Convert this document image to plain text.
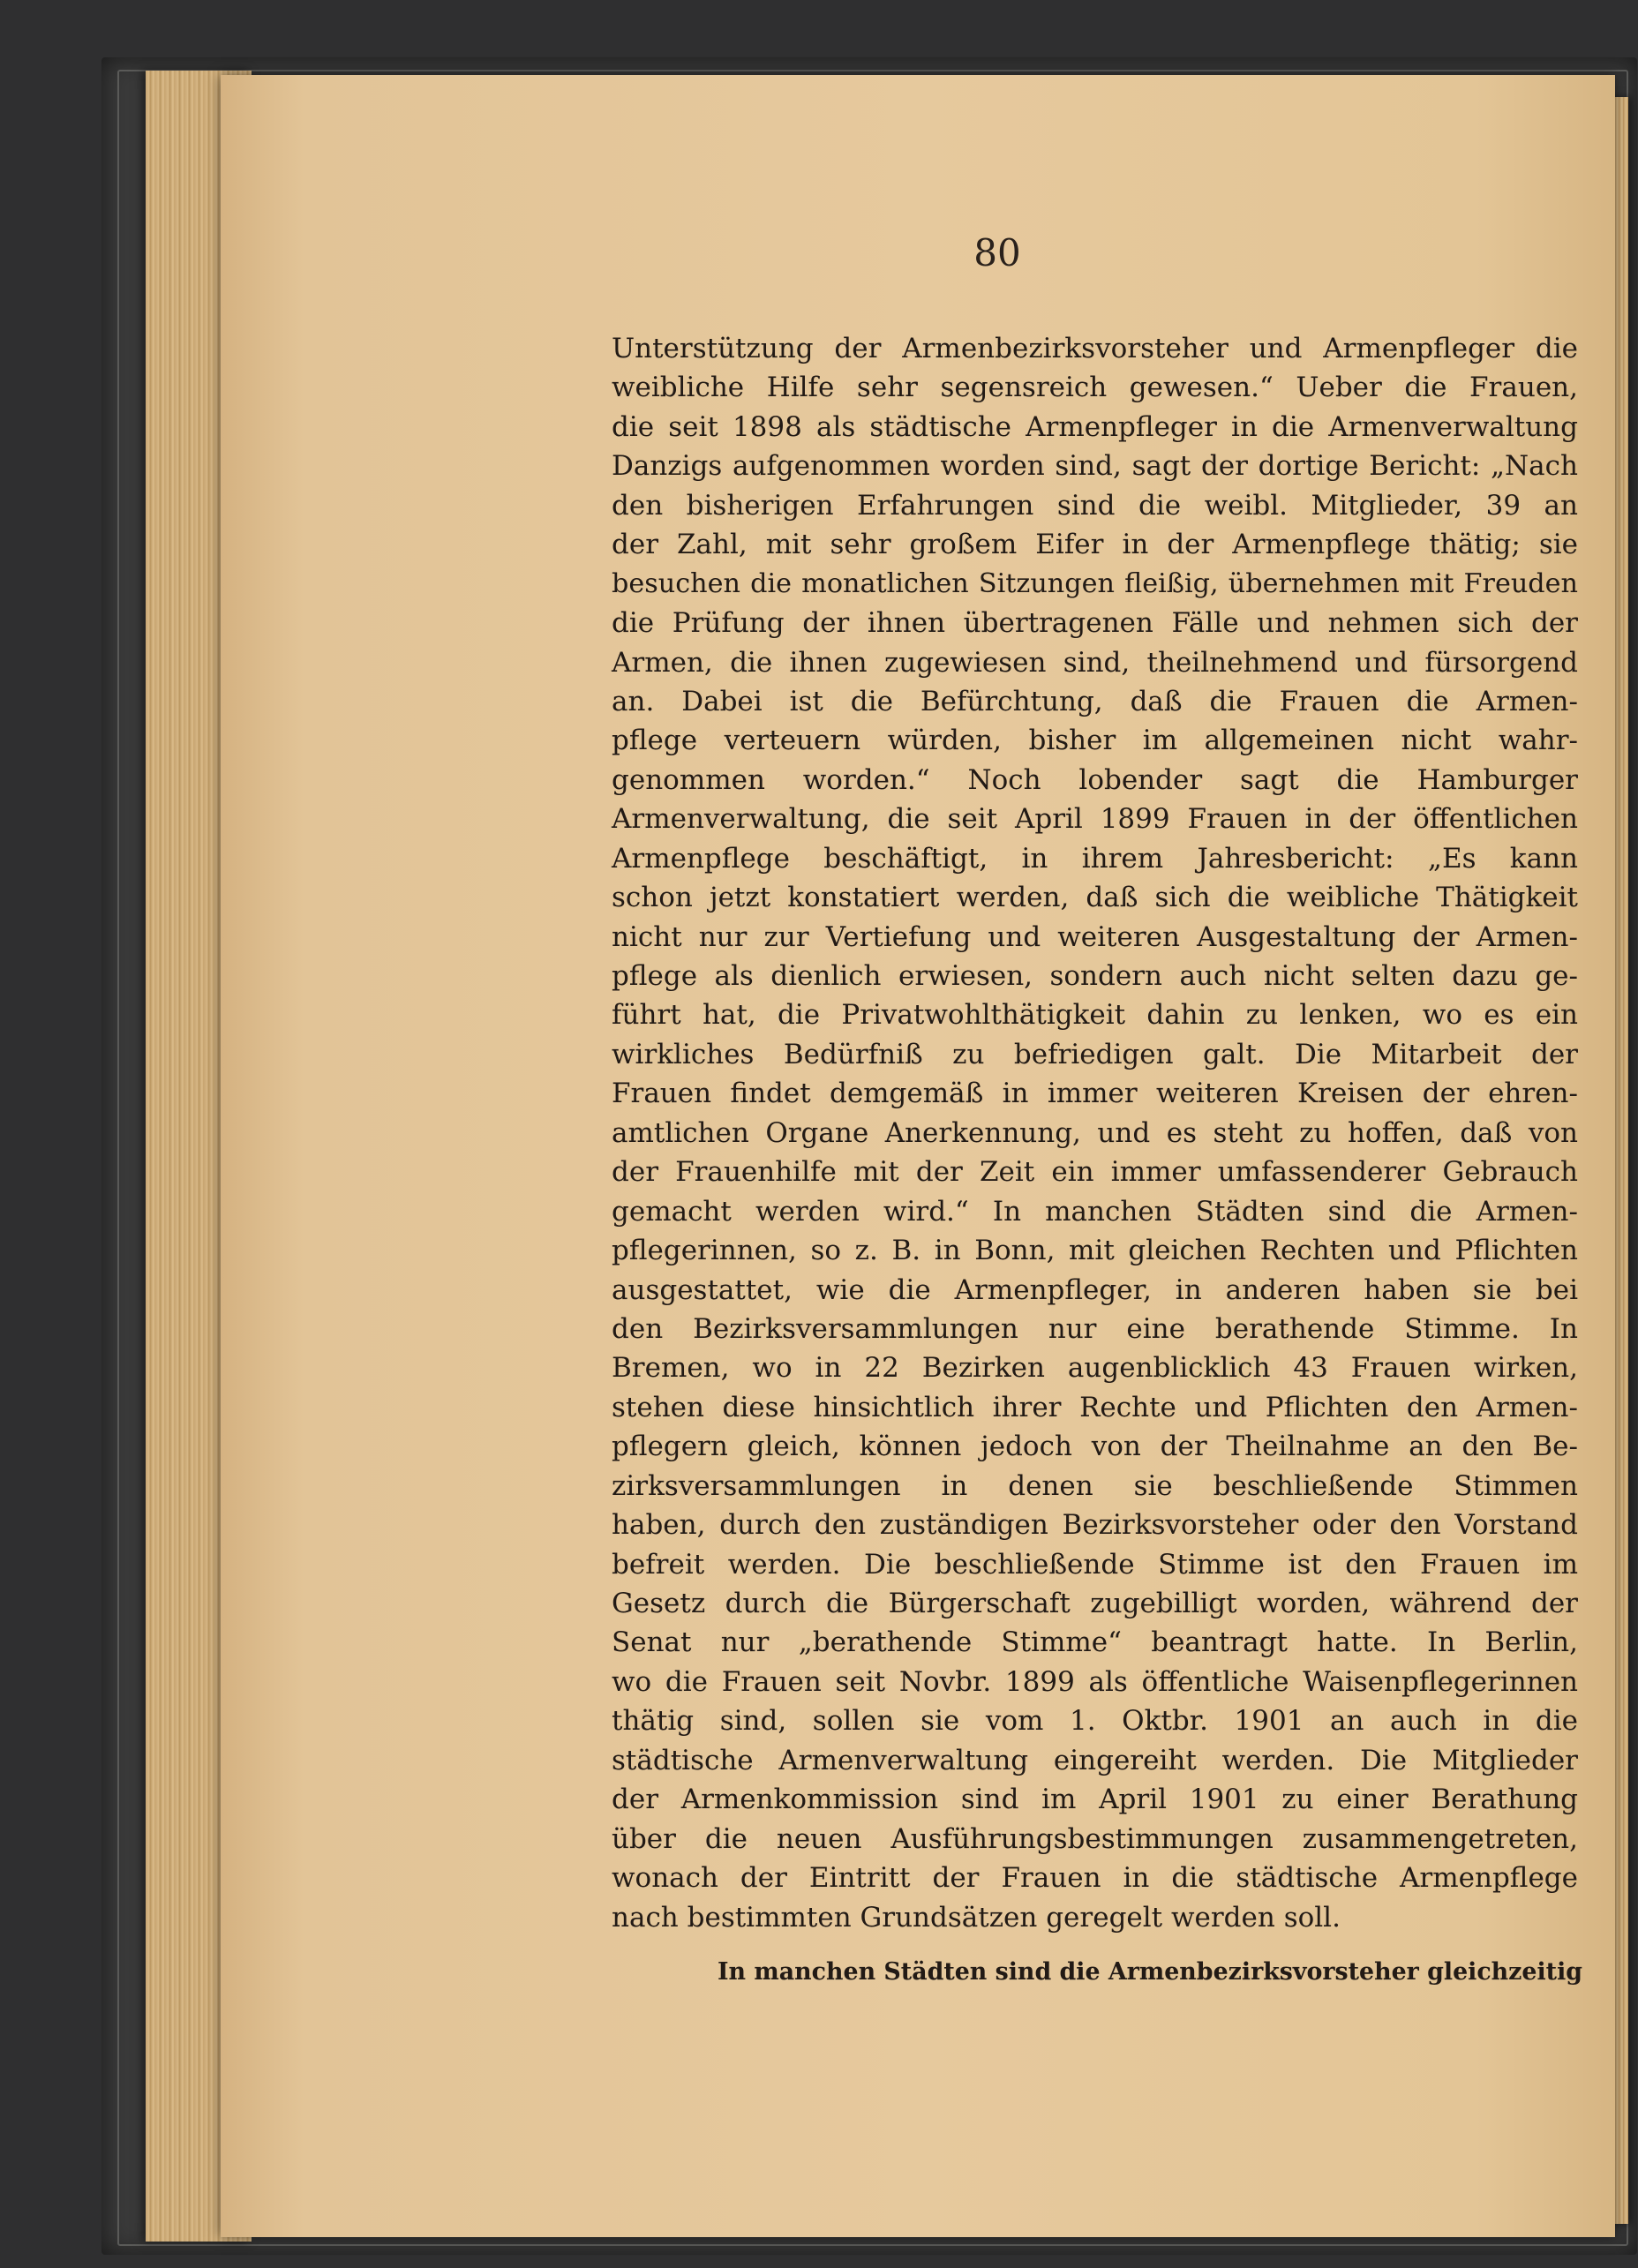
80
Unterstützung der Armenbezirksvorsteher und Armenpfleger die
weibliche Hilfe sehr segensreich gewesen.“ Ueber die Frauen,
die seit 1898 als städtische Armenpfleger in die Armenverwaltung
Danzigs aufgenommen worden sind, sagt der dortige Bericht: „Nach
den bisherigen Erfahrungen sind die weibl. Mitglieder, 39 an
der Zahl, mit sehr großem Eifer in der Armenpflege thätig; sie
besuchen die monatlichen Sitzungen fleißig, übernehmen mit Freuden
die Prüfung der ihnen übertragenen Fälle und nehmen sich der
Armen, die ihnen zugewiesen sind, theilnehmend und fürsorgend
an. Dabei ist die Befürchtung, daß die Frauen die Armen-
pflege verteuern würden, bisher im allgemeinen nicht wahr-
genommen worden.“ Noch lobender sagt die Hamburger
Armenverwaltung, die seit April 1899 Frauen in der öffentlichen
Armenpflege beschäftigt, in ihrem Jahresbericht: „Es kann
schon jetzt konstatiert werden, daß sich die weibliche Thätigkeit
nicht nur zur Vertiefung und weiteren Ausgestaltung der Armen-
pflege als dienlich erwiesen, sondern auch nicht selten dazu ge-
führt hat, die Privatwohlthätigkeit dahin zu lenken, wo es ein
wirkliches Bedürfniß zu befriedigen galt. Die Mitarbeit der
Frauen findet demgemäß in immer weiteren Kreisen der ehren-
amtlichen Organe Anerkennung, und es steht zu hoffen, daß von
der Frauenhilfe mit der Zeit ein immer umfassenderer Gebrauch
gemacht werden wird.“ In manchen Städten sind die Armen-
pflegerinnen, so z. B. in Bonn, mit gleichen Rechten und Pflichten
ausgestattet, wie die Armenpfleger, in anderen haben sie bei
den Bezirksversammlungen nur eine berathende Stimme. In
Bremen, wo in 22 Bezirken augenblicklich 43 Frauen wirken,
stehen diese hinsichtlich ihrer Rechte und Pflichten den Armen-
pflegern gleich, können jedoch von der Theilnahme an den Be-
zirksversammlungen in denen sie beschließende Stimmen
haben, durch den zuständigen Bezirksvorsteher oder den Vorstand
befreit werden. Die beschließende Stimme ist den Frauen im
Gesetz durch die Bürgerschaft zugebilligt worden, während der
Senat nur „berathende Stimme“ beantragt hatte. In Berlin,
wo die Frauen seit Novbr. 1899 als öffentliche Waisenpflegerinnen
thätig sind, sollen sie vom 1. Oktbr. 1901 an auch in die
städtische Armenverwaltung eingereiht werden. Die Mitglieder
der Armenkommission sind im April 1901 zu einer Berathung
über die neuen Ausführungsbestimmungen zusammengetreten,
wonach der Eintritt der Frauen in die städtische Armenpflege
nach bestimmten Grundsätzen geregelt werden soll.
In manchen Städten sind die Armenbezirksvorsteher gleichzeitig
